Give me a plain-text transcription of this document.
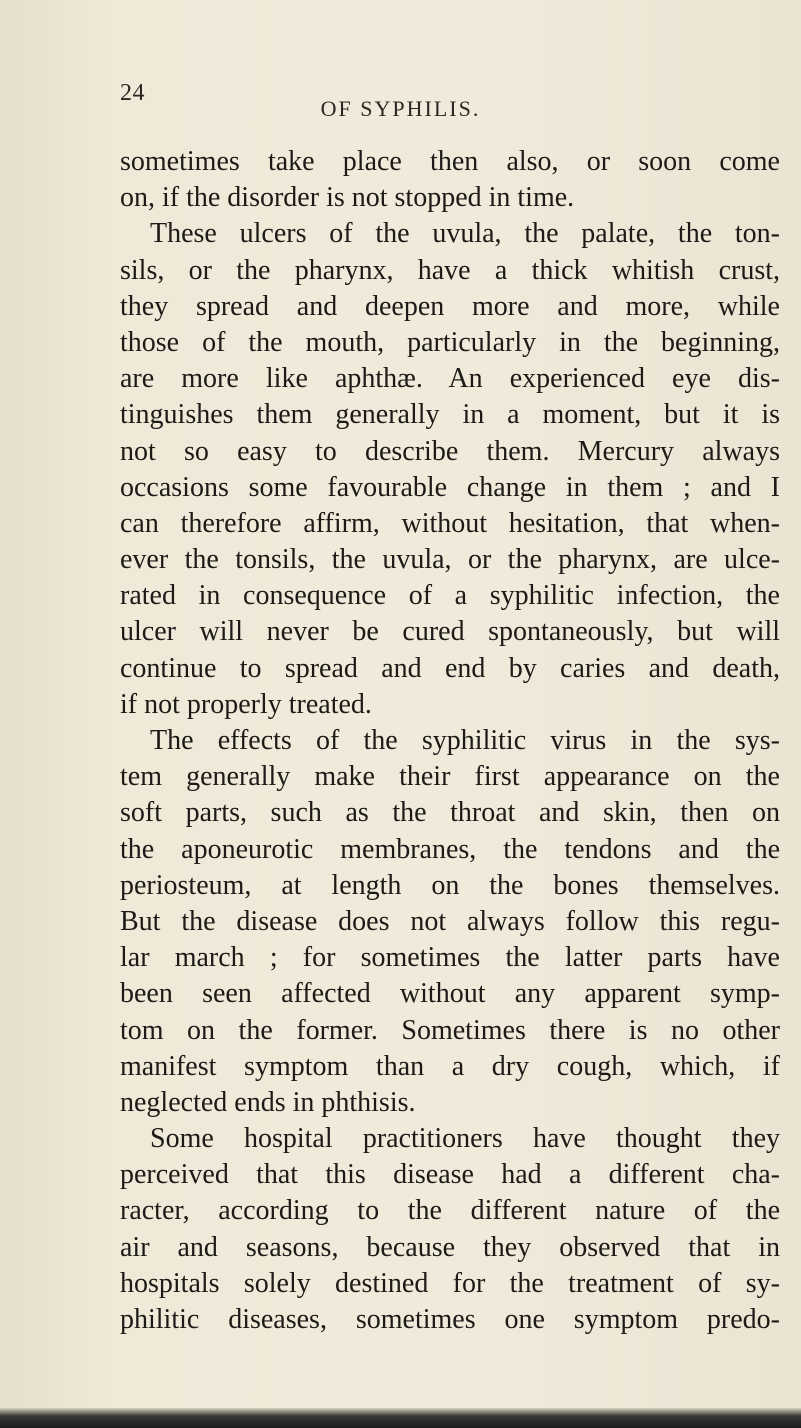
24
OF SYPHILIS.
sometimes take place then also, or soon come
on, if the disorder is not stopped in time.
These ulcers of the uvula, the palate, the ton-
sils, or the pharynx, have a thick whitish crust,
they spread and deepen more and more, while
those of the mouth, particularly in the beginning,
are more like aphthæ. An experienced eye dis-
tinguishes them generally in a moment, but it is
not so easy to describe them. Mercury always
occasions some favourable change in them ; and I
can therefore affirm, without hesitation, that when-
ever the tonsils, the uvula, or the pharynx, are ulce-
rated in consequence of a syphilitic infection, the
ulcer will never be cured spontaneously, but will
continue to spread and end by caries and death,
if not properly treated.
The effects of the syphilitic virus in the sys-
tem generally make their first appearance on the
soft parts, such as the throat and skin, then on
the aponeurotic membranes, the tendons and the
periosteum, at length on the bones themselves.
But the disease does not always follow this regu-
lar march ; for sometimes the latter parts have
been seen affected without any apparent symp-
tom on the former. Sometimes there is no other
manifest symptom than a dry cough, which, if
neglected ends in phthisis.
Some hospital practitioners have thought they
perceived that this disease had a different cha-
racter, according to the different nature of the
air and seasons, because they observed that in
hospitals solely destined for the treatment of sy-
philitic diseases, sometimes one symptom predo-
